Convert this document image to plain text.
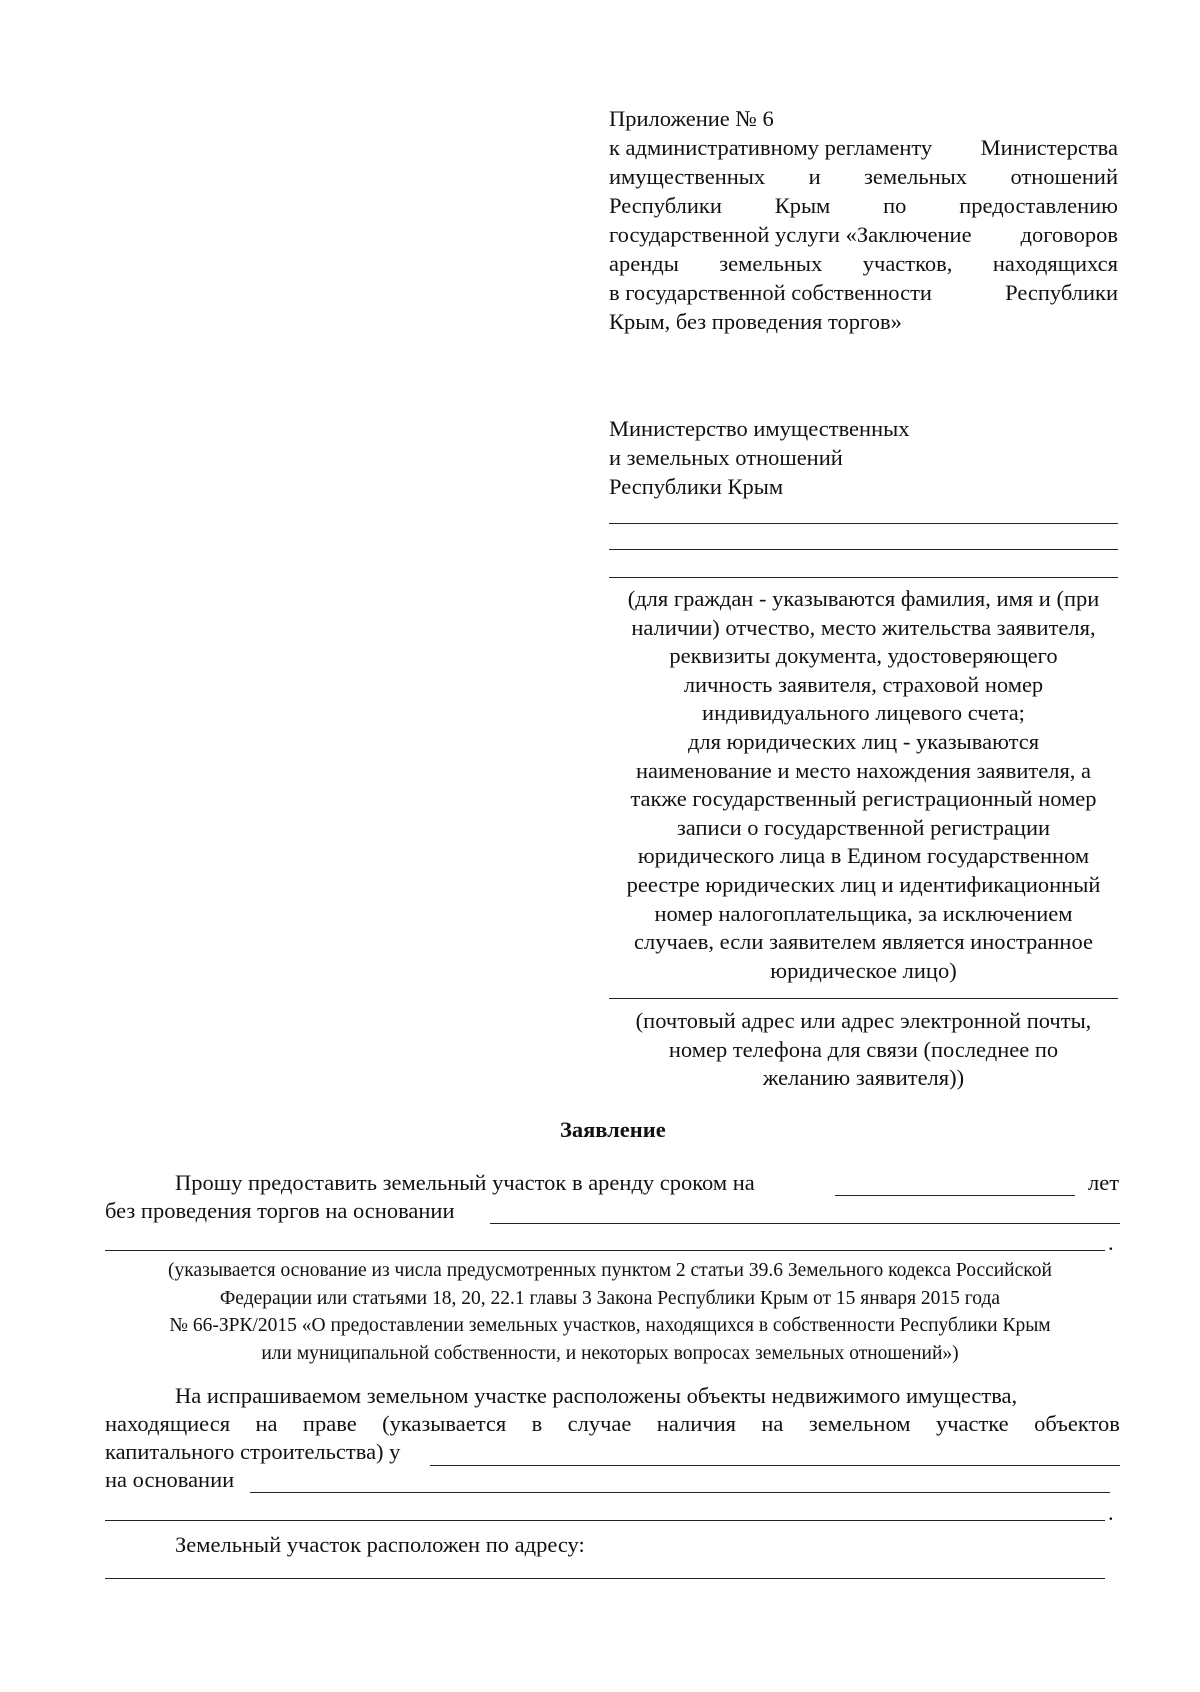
Приложение № 6
к административному регламенту Министерства
имущественных и земельных отношений
Республики Крым по предоставлению
государственной услуги «Заключение договоров
аренды земельных участков, находящихся
в государственной собственности	Республики
Крым, без проведения торгов»
Министерство имущественных
и земельных отношений
Республики Крым
(для граждан - указываются фамилия, имя и (при
наличии) отчество, место жительства заявителя,
реквизиты документа, удостоверяющего
личность заявителя, страховой номер
индивидуального лицевого счета;
для юридических лиц - указываются
наименование и место нахождения заявителя, а
также государственный регистрационный номер
записи о государственной регистрации
юридического лица в Едином государственном
реестре юридических лиц и идентификационный
номер налогоплательщика, за исключением
случаев, если заявителем является иностранное
юридическое лицо)
(почтовый адрес или адрес электронной почты,
номер телефона для связи (последнее по
желанию заявителя))
Заявление
Прошу предоставить земельный участок в аренду сроком на	лет
без проведения торгов на основании
.
(указывается основание из числа предусмотренных пунктом 2 статьи 39.6 Земельного кодекса Российской
Федерации или статьями 18, 20, 22.1 главы 3 Закона Республики Крым от 15 января 2015 года
№ 66-ЗРК/2015 «О предоставлении земельных участков, находящихся в собственности Республики Крым
или муниципальной собственности, и некоторых вопросах земельных отношений»)
На испрашиваемом земельном участке расположены объекты недвижимого имущества,
находящиеся на праве (указывается в случае наличия на земельном участке объектов
капитального строительства) у
на основании
.
Земельный участок расположен по адресу:
